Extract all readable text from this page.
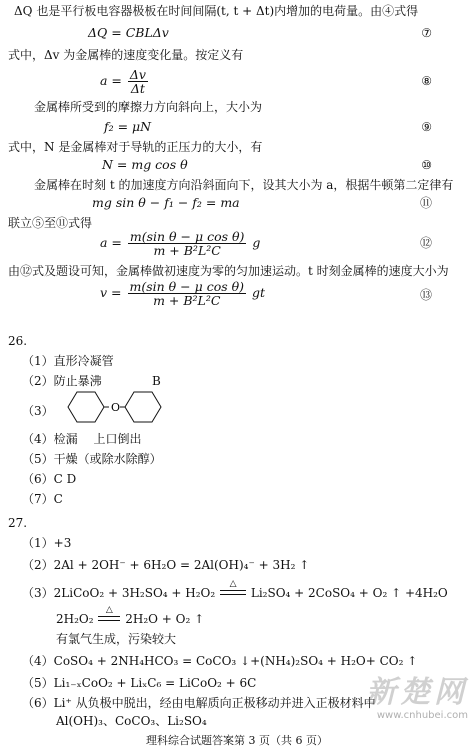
ΔQ 也是平行板电容器极板在时间间隔(t, t + Δt)内增加的电荷量。由④式得
ΔQ = CBLΔv	⑦
式中，Δv 为金属棒的速度变化量。按定义有
$a = \frac{\Delta v}{\Delta t}$	⑧
金属棒所受到的摩擦力方向斜向上，大小为
f₂ = μN	⑨
式中，N 是金属棒对于导轨的正压力的大小，有
N = mg cos θ	⑩
金属棒在时刻 t 的加速度方向沿斜面向下，设其大小为 a，根据牛顿第二定律有
mg sin θ − f₁ − f₂ = ma	⑪
联立⑤至⑪式得
$a = \frac{\text{m(sin θ − μ cos θ)}}{\text{m + B²L²C}}$ g	⑫
由⑫式及题设可知，金属棒做初速度为零的匀加速运动。t 时刻金属棒的速度大小为
$v = \frac{\text{m(sin θ − μ cos θ)}}{\text{m + B²L²C}}$ gt	⑬
26.
（1）直形冷凝管
（2）防止暴沸	B
（3）	O
（4）检漏　 上口倒出
（5）干燥（或除水除醇）
（6）C D
（7）C
27.
（1）+3
（2）2Al + 2OH⁻ + 6H₂O = 2Al(OH)₄⁻ + 3H₂ ↑
（3）2LiCoO₂ + 3H₂SO₄ + H₂O₂
△
Li₂SO₄ + 2CoSO₄ + O₂ ↑ +4H₂O
2H₂O₂
△
2H₂O + O₂ ↑
有氯气生成，污染较大
（4）CoSO₄ + 2NH₄HCO₃ = CoCO₃ ↓+(NH₄)₂SO₄ + H₂O+ CO₂ ↑
（5）Li₁₋ₓCoO₂ + LiₓC₆ = LiCoO₂ + 6C
（6）Li⁺ 从负极中脱出，经由电解质向正极移动并进入正极材料中
Al(OH)₃、CoCO₃、Li₂SO₄
新楚网
www.cnhubei.com
理科综合试题答案第 3 页（共 6 页）
